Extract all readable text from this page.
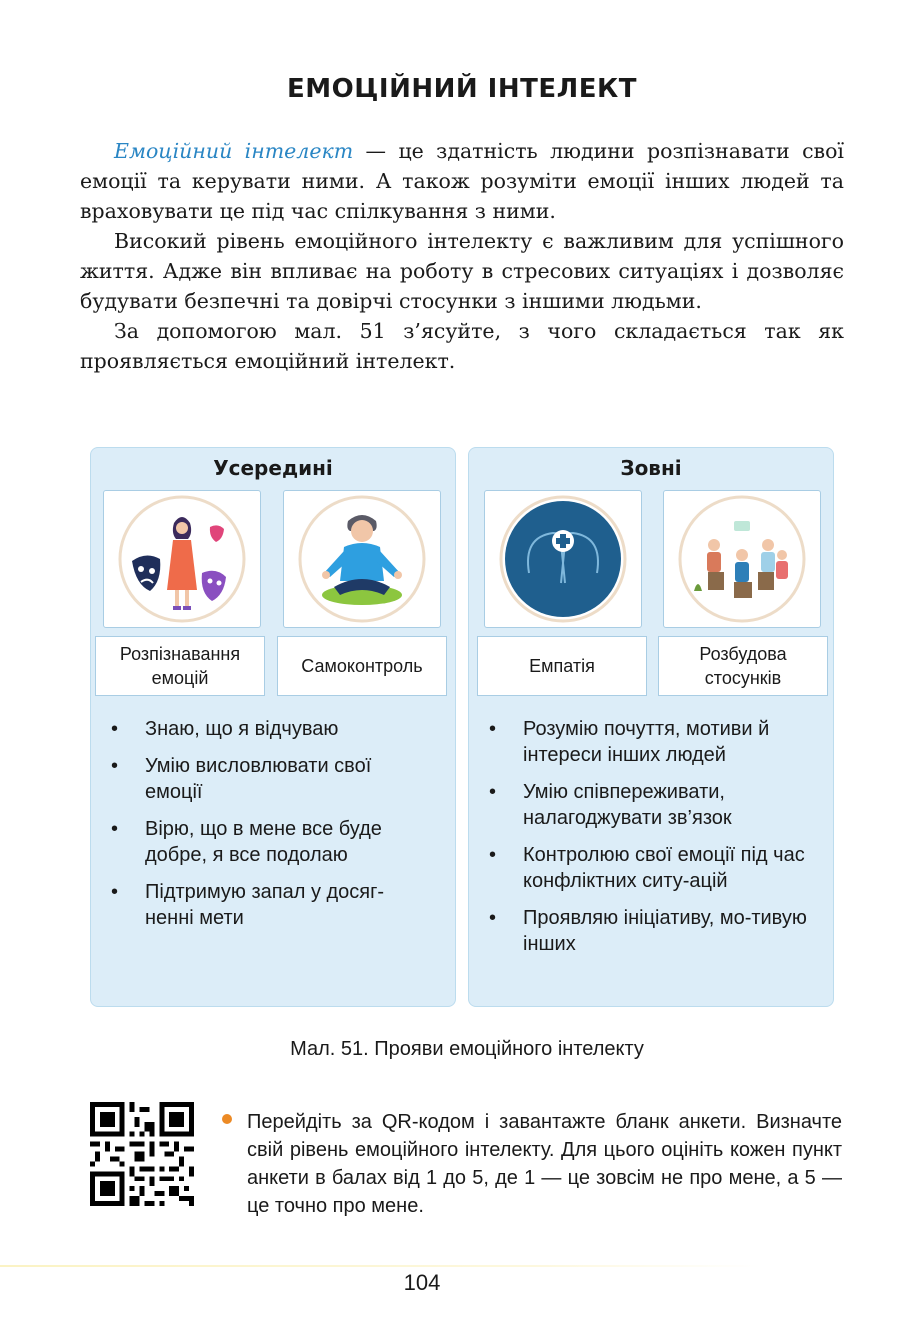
ЕМОЦІЙНИЙ ІНТЕЛЕКТ

Емоційний інтелект — це здатність людини розпізнавати свої емоції та керувати ними. А також розуміти емоції інших людей та враховувати це під час спілкування з ними.

Високий рівень емоційного інтелекту є важливим для успішного життя. Адже він впливає на роботу в стресових ситуаціях і дозволяє будувати безпечні та довірчі стосунки з іншими людьми.

За допомогою мал. 51 з’ясуйте, з чого складається так як проявляється емоційний інтелект.

Усередині
Розпізнавання емоцій
Самоконтроль
• Знаю, що я відчуваю
• Умію висловлювати свої емоції
• Вірю, що в мене все буде добре, я все подолаю
• Підтримую запал у досяг-ненні мети
Зовні
Емпатія
Розбудова стосунків
• Розумію почуття, мотиви й інтереси інших людей
• Умію співпереживати, налагоджувати зв’язок
• Контролюю свої емоції під час конфліктних ситу-ацій
• Проявляю ініціативу, мо-тивую інших
Мал. 51. Прояви емоційного інтелекту
Перейдіть за QR-кодом і завантажте бланк анкети. Визначте свій рівень емоційного інтелекту. Для цього оцініть кожен пункт анкети в балах від 1 до 5, де 1 — це зовсім не про мене, а 5 — це точно про мене.
104
